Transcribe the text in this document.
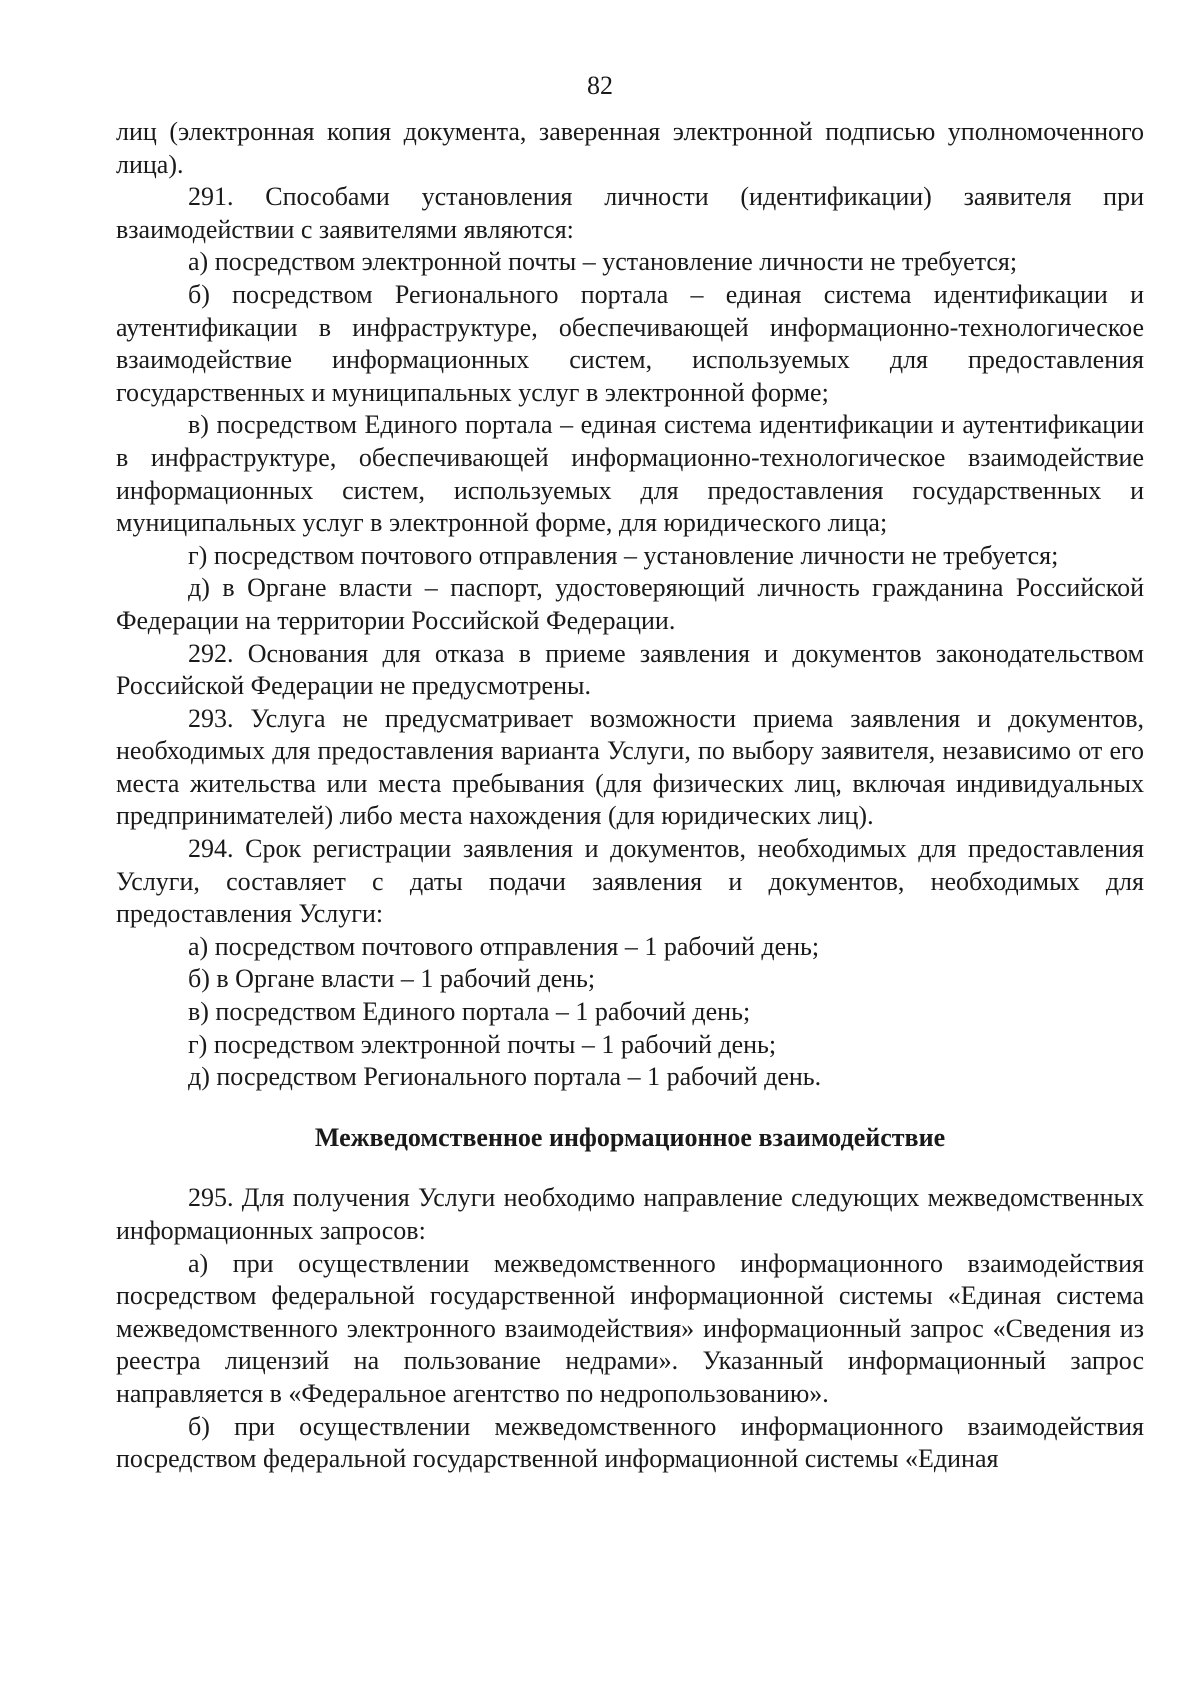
82

лиц (электронная копия документа, заверенная электронной подписью уполномоченного лица).

291. Способами установления личности (идентификации) заявителя при взаимодействии с заявителями являются:

а) посредством электронной почты – установление личности не требуется;

б) посредством Регионального портала – единая система идентификации и аутентификации в инфраструктуре, обеспечивающей информационно-технологическое взаимодействие информационных систем, используемых для предоставления государственных и муниципальных услуг в электронной форме;

в) посредством Единого портала – единая система идентификации и аутентификации в инфраструктуре, обеспечивающей информационно-технологическое взаимодействие информационных систем, используемых для предоставления государственных и муниципальных услуг в электронной форме, для юридического лица;

г) посредством почтового отправления – установление личности не требуется;

д) в Органе власти – паспорт, удостоверяющий личность гражданина Российской Федерации на территории Российской Федерации.

292. Основания для отказа в приеме заявления и документов законодательством Российской Федерации не предусмотрены.

293. Услуга не предусматривает возможности приема заявления и документов, необходимых для предоставления варианта Услуги, по выбору заявителя, независимо от его места жительства или места пребывания (для физических лиц, включая индивидуальных предпринимателей) либо места нахождения (для юридических лиц).

294. Срок регистрации заявления и документов, необходимых для предоставления Услуги, составляет с даты подачи заявления и документов, необходимых для предоставления Услуги:

а) посредством почтового отправления – 1 рабочий день;

б) в Органе власти – 1 рабочий день;

в) посредством Единого портала – 1 рабочий день;

г) посредством электронной почты – 1 рабочий день;

д) посредством Регионального портала – 1 рабочий день.

Межведомственное информационное взаимодействие

295. Для получения Услуги необходимо направление следующих межведомственных информационных запросов:

а) при осуществлении межведомственного информационного взаимодействия посредством федеральной государственной информационной системы «Единая система межведомственного электронного взаимодействия» информационный запрос «Сведения из реестра лицензий на пользование недрами». Указанный информационный запрос направляется в «Федеральное агентство по недропользованию».

б) при осуществлении межведомственного информационного взаимодействия посредством федеральной государственной информационной системы «Единая
